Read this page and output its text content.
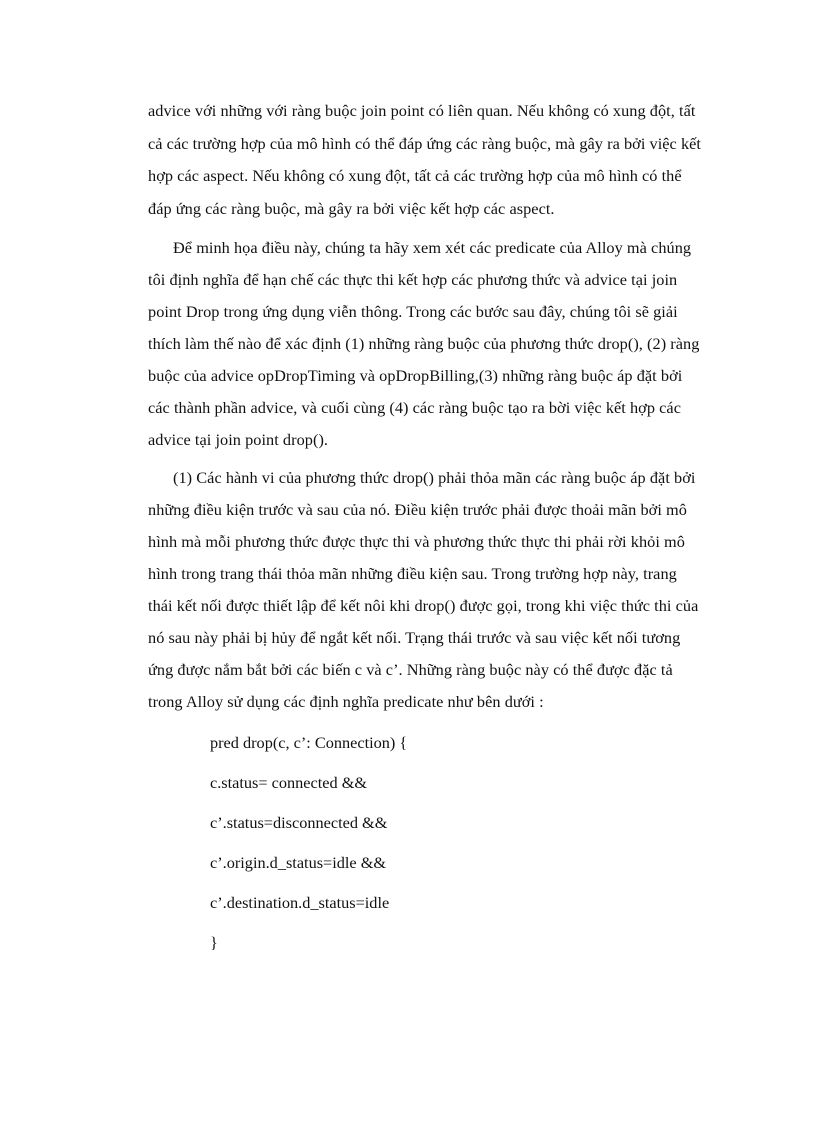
advice với những với ràng buộc join point có liên quan. Nếu không có xung đột, tất

cả các trường hợp của mô hình có thể đáp ứng các ràng buộc, mà gây ra bởi việc kết

hợp các aspect. Nếu không có xung đột, tất cả các trường hợp của mô hình có thể

đáp ứng các ràng buộc, mà gây ra bởi việc kết hợp các aspect.

Để minh họa điều này, chúng ta hãy xem xét các predicate của Alloy mà chúng

tôi định nghĩa để hạn chế các thực thi kết hợp các phương thức và advice tại join

point Drop trong ứng dụng viễn thông. Trong các bước sau đây, chúng tôi sẽ giải

thích làm thế nào để xác định (1) những ràng buộc của phương thức drop(), (2) ràng

buộc của advice opDropTiming và opDropBilling,(3) những ràng buộc áp đặt bởi

các thành phần advice, và cuối cùng (4) các ràng buộc tạo ra bời việc kết hợp các

advice tại join point drop().

(1) Các hành vi của phương thức drop() phải thỏa mãn các ràng buộc áp đặt bởi

những điều kiện trước và sau của nó. Điều kiện trước phải được thoải mãn bởi mô

hình mà mỗi phương thức được thực thi và phương thức thực thi phải rời khỏi mô

hình trong trang thái thỏa mãn những điều kiện sau. Trong trường hợp này, trang

thái kết nối được thiết lập để kết nôi khi drop() được gọi, trong khi việc thức thi của

nó sau này phải bị hủy để ngắt kết nối. Trạng thái trước và sau việc kết nối tương

ứng được nắm bắt bởi các biến c và c’. Những ràng buộc này có thể được đặc tả

trong Alloy sử dụng các định nghĩa predicate như bên dưới :

pred drop(c, c’: Connection) {

c.status= connected &&

c’.status=disconnected &&

c’.origin.d_status=idle &&

c’.destination.d_status=idle

}
